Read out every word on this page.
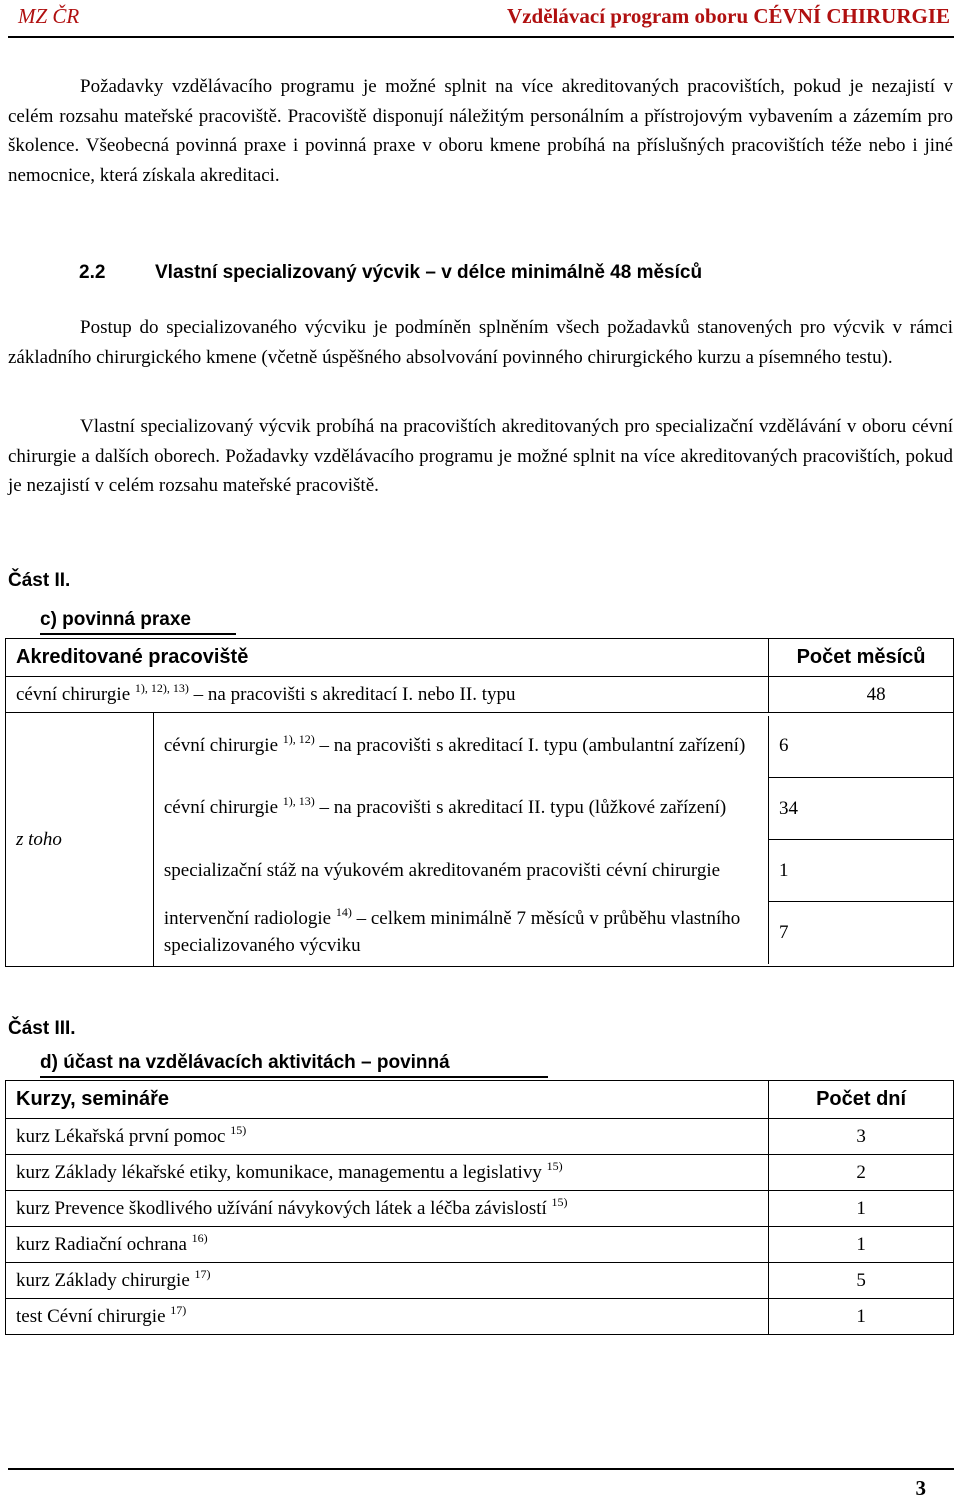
MZ ČR	Vzdělávací program oboru CÉVNÍ CHIRURGIE

Požadavky vzdělávacího programu je možné splnit na více akreditovaných pracovištích, pokud je nezajistí v celém rozsahu mateřské pracoviště. Pracoviště disponují náležitým personálním a přístrojovým vybavením a zázemím pro školence. Všeobecná povinná praxe i povinná praxe v oboru kmene probíhá na příslušných pracovištích téže nebo i jiné nemocnice, která získala akreditaci.

2.2	Vlastní specializovaný výcvik – v délce minimálně 48 měsíců

Postup do specializovaného výcviku je podmíněn splněním všech požadavků stanovených pro výcvik v rámci základního chirurgického kmene (včetně úspěšného absolvování povinného chirurgického kurzu a písemného testu).

Vlastní specializovaný výcvik probíhá na pracovištích akreditovaných pro specializační vzdělávání v oboru cévní chirurgie a dalších oborech. Požadavky vzdělávacího programu je možné splnit na více akreditovaných pracovištích, pokud je nezajistí v celém rozsahu mateřské pracoviště.

Část II.
c) povinná praxe
Akreditované pracoviště	Počet měsíců
cévní chirurgie $^{1), 12), 13)}$ – na pracovišti s akreditací I. nebo II. typu	48
z toho	
cévní chirurgie $^{1), 12)}$ – na pracovišti s akreditací I. typu (ambulantní zařízení)	6
cévní chirurgie $^{1), 13)}$ – na pracovišti s akreditací II. typu (lůžkové zařízení)	34
specializační stáž na výukovém akreditovaném pracovišti cévní chirurgie	1
intervenční radiologie $^{14)}$ – celkem minimálně 7 měsíců v průběhu vlastního specializovaného výcviku	7
Část III.
d) účast na vzdělávacích aktivitách – povinná
Kurzy, semináře	Počet dní
kurz Lékařská první pomoc $^{15)}$	3
kurz Základy lékařské etiky, komunikace, managementu a legislativy $^{15)}$	2
kurz Prevence škodlivého užívání návykových látek a léčba závislostí $^{15)}$	1
kurz Radiační ochrana $^{16)}$	1
kurz Základy chirurgie $^{17)}$	5
test Cévní chirurgie $^{17)}$	1
3
